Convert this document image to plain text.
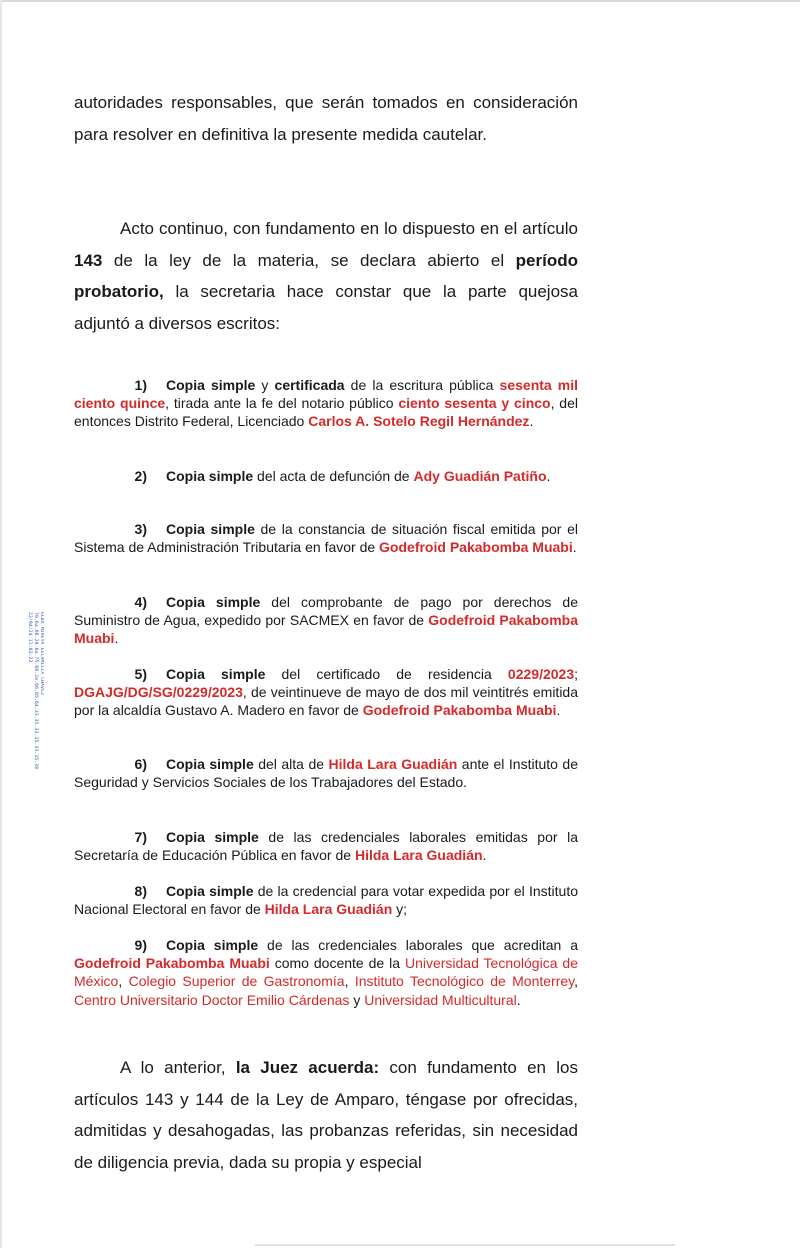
ELBA MIREYA ESCAMILLA CHAVEZ
70.6a.66.20.6a.75.66.2e.66.65.64.33.35.33.35.33.35.38
22/04/24 11:03:22

autoridades responsables, que serán tomados en consideración para resolver en definitiva la presente medida cautelar.

Acto continuo, con fundamento en lo dispuesto en el artículo 143 de la ley de la materia, se declara abierto el período probatorio, la secretaria hace constar que la parte quejosa adjuntó a diversos escritos:

1) Copia simple y certificada de la escritura pública sesenta mil ciento quince, tirada ante la fe del notario público ciento sesenta y cinco, del entonces Distrito Federal, Licenciado Carlos A. Sotelo Regil Hernández.

2) Copia simple del acta de defunción de Ady Guadián Patiño.

3) Copia simple de la constancia de situación fiscal emitida por el Sistema de Administración Tributaria en favor de Godefroid Pakabomba Muabi.

4) Copia simple del comprobante de pago por derechos de Suministro de Agua, expedido por SACMEX en favor de Godefroid Pakabomba Muabi.

5) Copia simple del certificado de residencia 0229/2023; DGAJG/DG/SG/0229/2023, de veintinueve de mayo de dos mil veintitrés emitida por la alcaldía Gustavo A. Madero en favor de Godefroid Pakabomba Muabi.

6) Copia simple del alta de Hilda Lara Guadián ante el Instituto de Seguridad y Servicios Sociales de los Trabajadores del Estado.

7) Copia simple de las credenciales laborales emitidas por la Secretaría de Educación Pública en favor de Hilda Lara Guadián.

8) Copia simple de la credencial para votar expedida por el Instituto Nacional Electoral en favor de Hilda Lara Guadián y;

9) Copia simple de las credenciales laborales que acreditan a Godefroid Pakabomba Muabi como docente de la Universidad Tecnológica de México, Colegio Superior de Gastronomía, Instituto Tecnológico de Monterrey, Centro Universitario Doctor Emilio Cárdenas y Universidad Multicultural.

A lo anterior, la Juez acuerda: con fundamento en los artículos 143 y 144 de la Ley de Amparo, téngase por ofrecidas, admitidas y desahogadas, las probanzas referidas, sin necesidad de diligencia previa, dada su propia y especial
